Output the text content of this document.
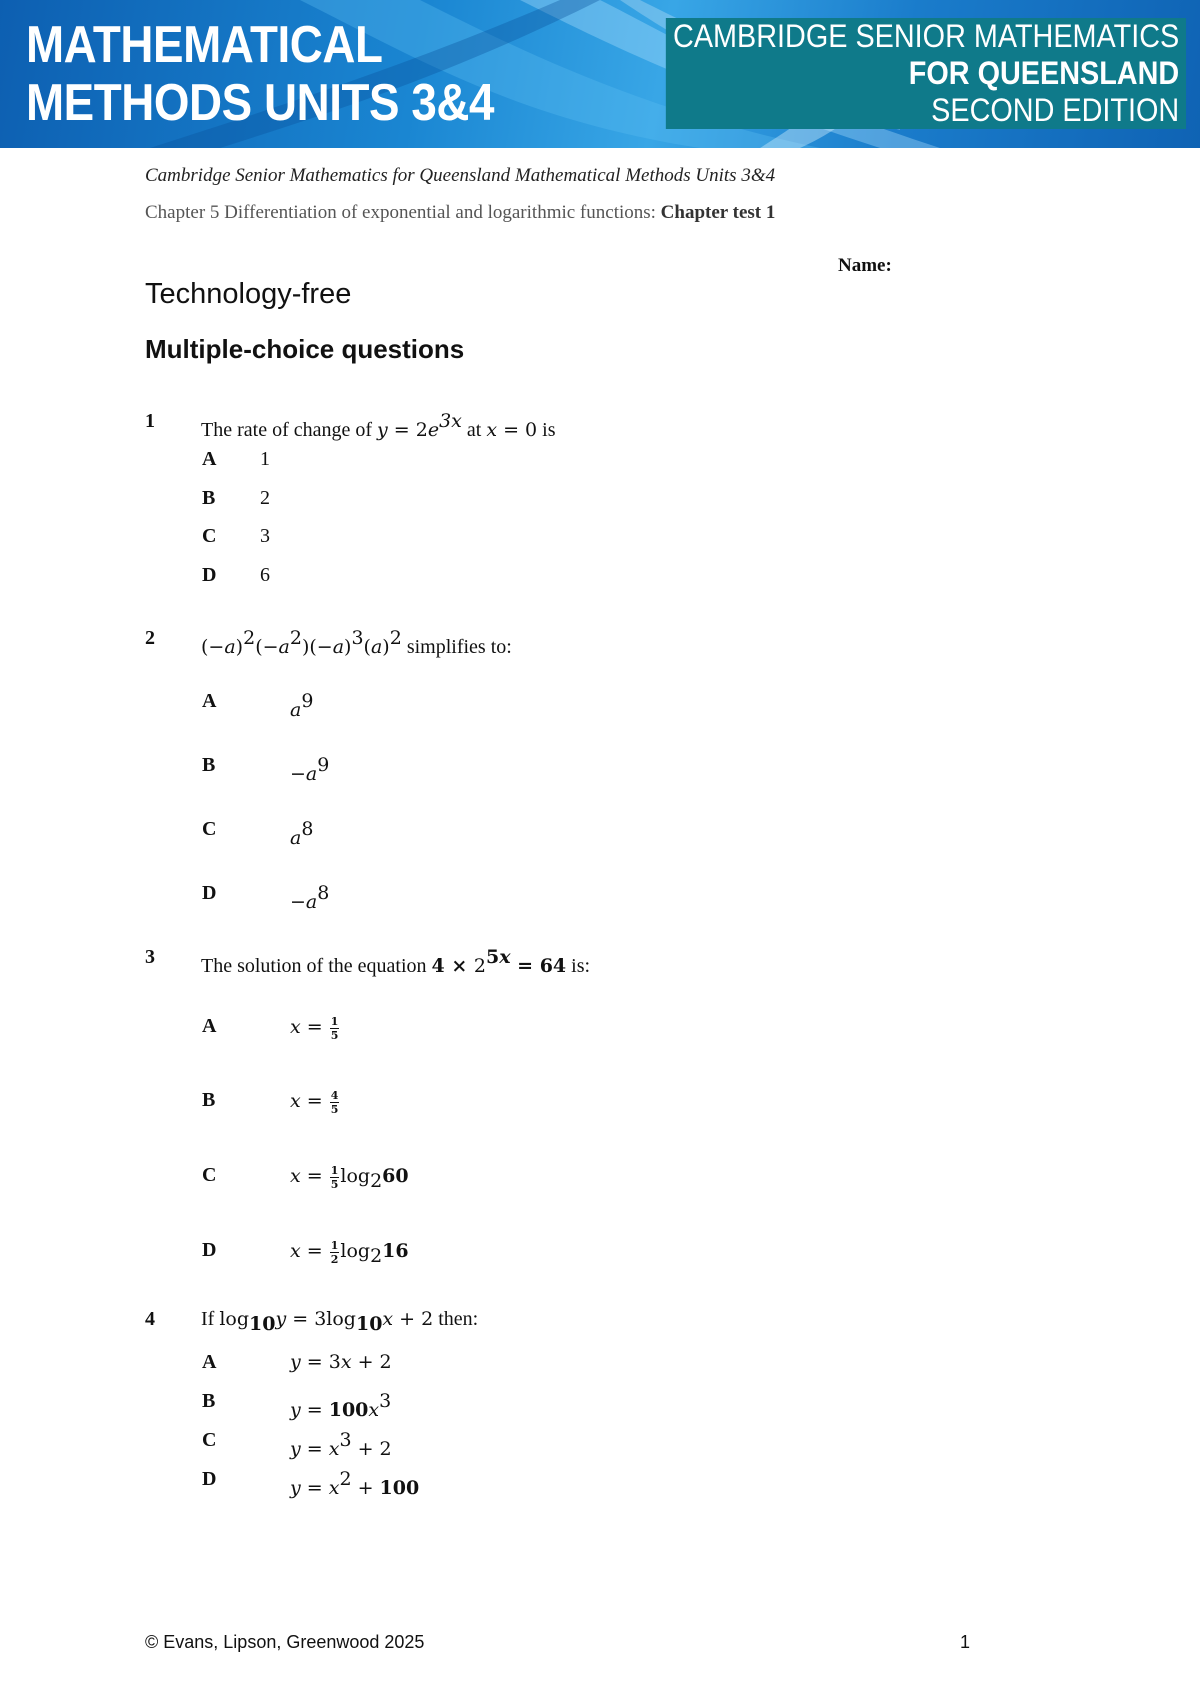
MATHEMATICAL
METHODS UNITS 3&4
CAMBRIDGE SENIOR MATHEMATICS
FOR QUEENSLAND
SECOND EDITION
Cambridge Senior Mathematics for Queensland Mathematical Methods Units 3&4
Chapter 5 Differentiation of exponential and logarithmic functions: Chapter test 1
Name:
Technology-free
Multiple-choice questions
1 The rate of change of $y = 2e^{3x}$ at x = 0 is
A 1
B 2
C 3
D 6
2 $(-a)^2(-a^2)(-a)^3(a)^2$ simplifies to:
A	$a^9$
B	$-a^9$
C	$a^8$
D	$-a^8$
3 The solution of the equation $4 \times 2^{5x} = 64$ is:
A	$x = \frac{1}{5}$
B	$x = \frac{4}{5}$
C	$x = \frac{1}{5} \log_260$
D	$x = \frac{1}{2} \log_216$
4 If $\log_{10}y = 3\log_{10}x + 2$ then:
A	y = 3x + 2
B	$y = 100x^3$
C	$y = x^3 + 2$
D	$y = x^2 + 100$
© Evans, Lipson, Greenwood 2025	1
